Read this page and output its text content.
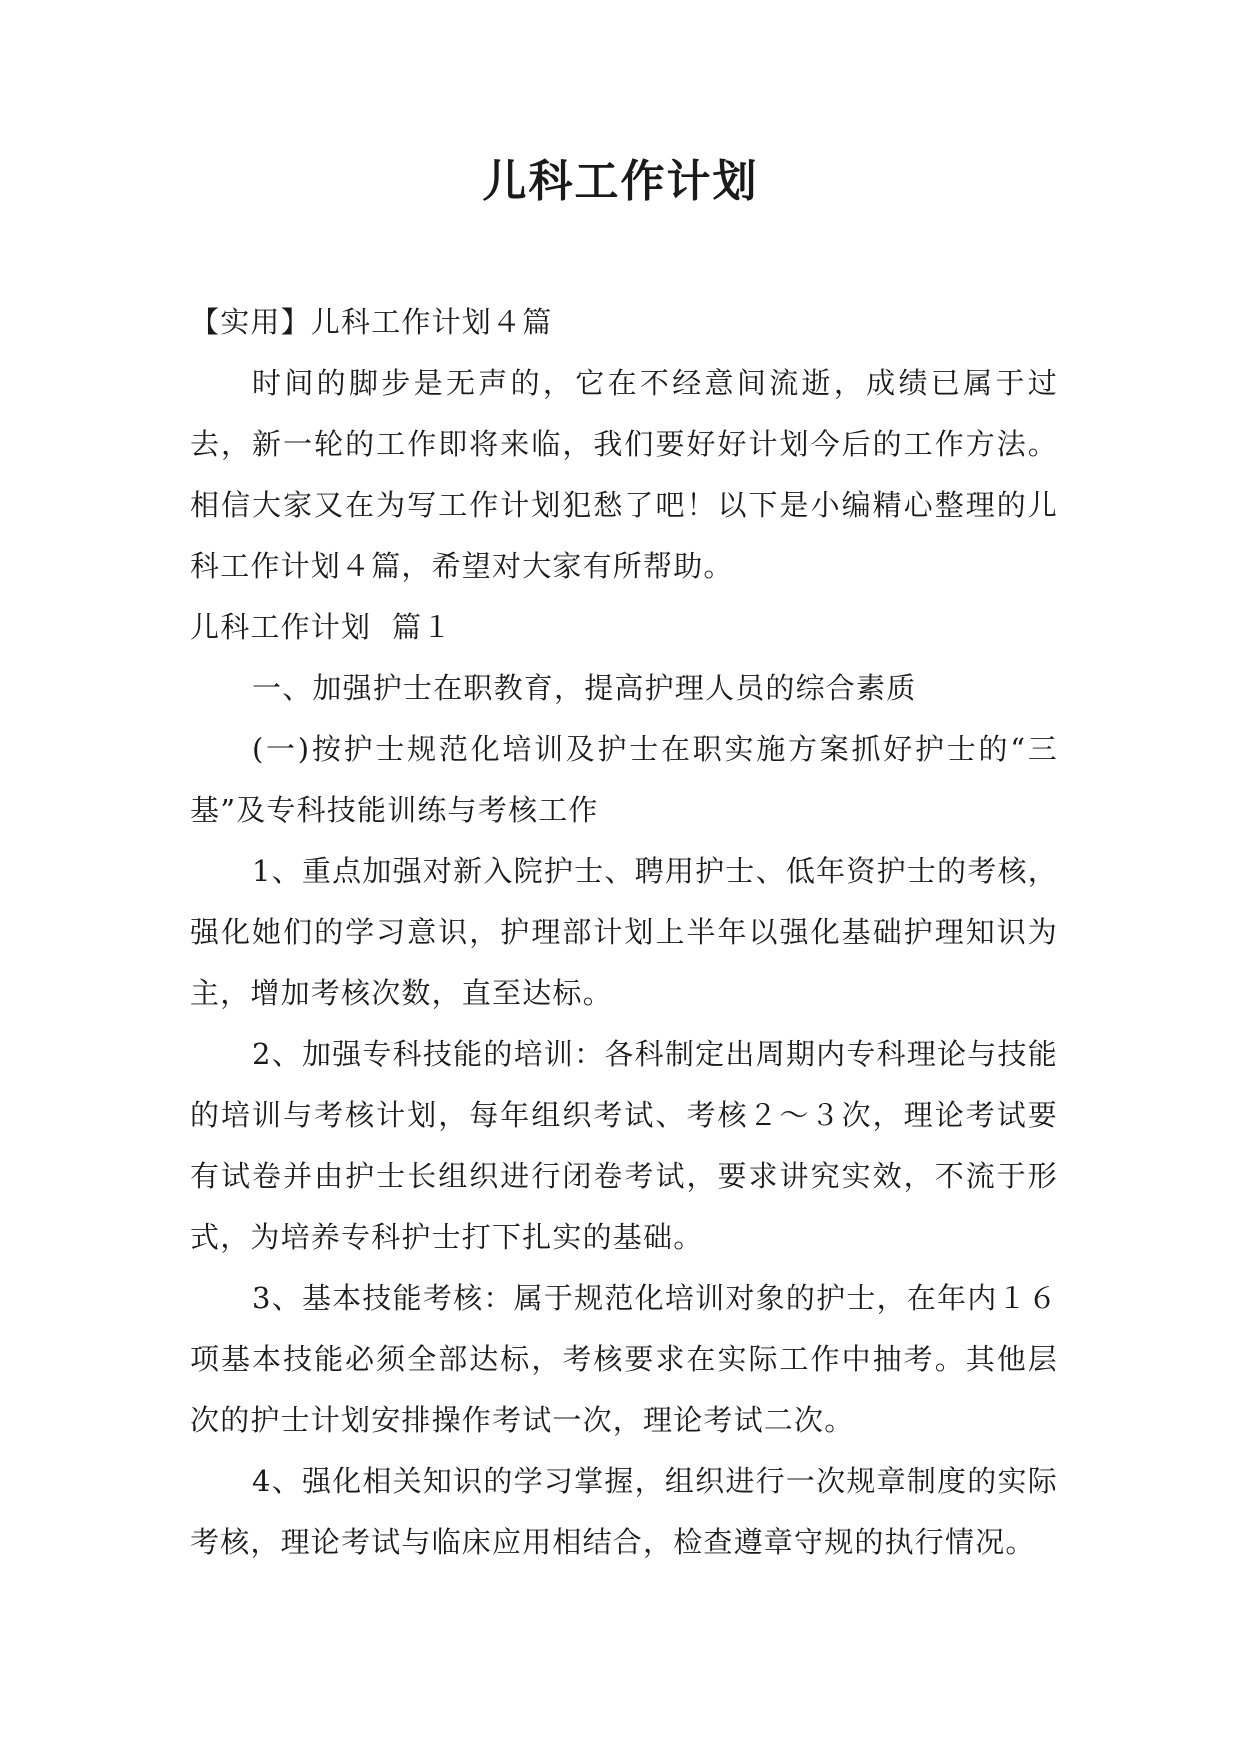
儿科工作计划

【实用】儿科工作计划４篇

时间的脚步是无声的，它在不经意间流逝，成绩已属于过去，新一轮的工作即将来临，我们要好好计划今后的工作方法。相信大家又在为写工作计划犯愁了吧！以下是小编精心整理的儿科工作计划４篇，希望对大家有所帮助。

儿科工作计划  篇１

一、加强护士在职教育，提高护理人员的综合素质

(一)按护士规范化培训及护士在职实施方案抓好护士的“三基”及专科技能训练与考核工作

1、重点加强对新入院护士、聘用护士、低年资护士的考核，强化她们的学习意识，护理部计划上半年以强化基础护理知识为主，增加考核次数，直至达标。

2、加强专科技能的培训：各科制定出周期内专科理论与技能的培训与考核计划，每年组织考试、考核２～３次，理论考试要有试卷并由护士长组织进行闭卷考试，要求讲究实效，不流于形式，为培养专科护士打下扎实的基础。

3、基本技能考核：属于规范化培训对象的护士，在年内１６项基本技能必须全部达标，考核要求在实际工作中抽考。其他层次的护士计划安排操作考试一次，理论考试二次。

4、强化相关知识的学习掌握，组织进行一次规章制度的实际考核，理论考试与临床应用相结合，检查遵章守规的执行情况。
